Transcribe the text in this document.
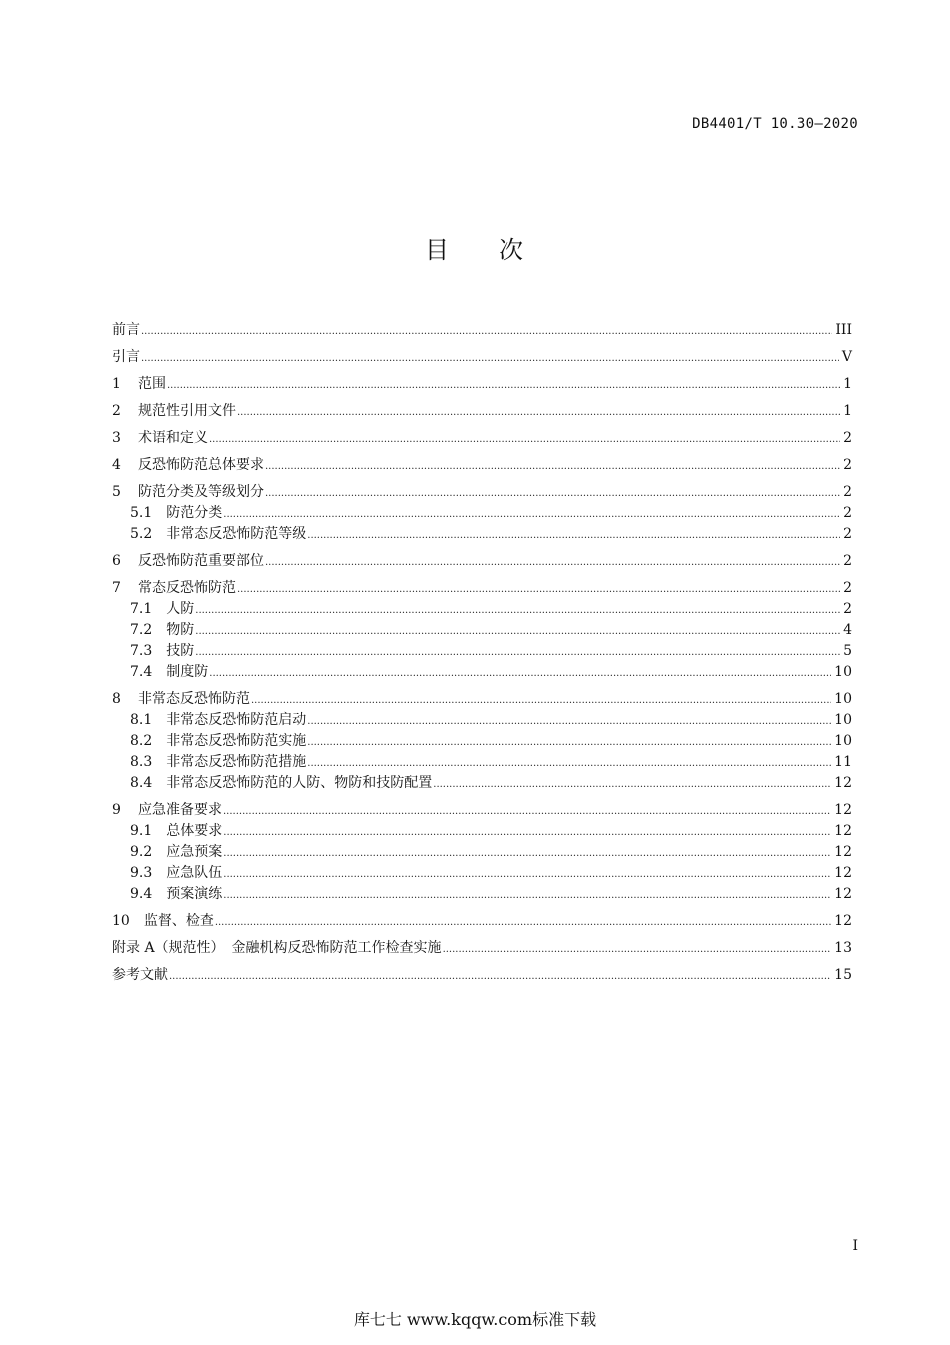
DB4401/T 10.30—2020
目 次
前言 .....	III
引言 .....	V
1	范围 .....	1
2	规范性引用文件 .....	1
3	术语和定义 .....	2
4	反恐怖防范总体要求 .....	2
5	防范分类及等级划分 .....	2
5.1	防范分类 .....	2
5.2	非常态反恐怖防范等级 .....	2
6	反恐怖防范重要部位 .....	2
7	常态反恐怖防范 .....	2
7.1	人防 .....	2
7.2	物防 .....	4
7.3	技防 .....	5
7.4	制度防 .....	10
8	非常态反恐怖防范 .....	10
8.1	非常态反恐怖防范启动 .....	10
8.2	非常态反恐怖防范实施 .....	10
8.3	非常态反恐怖防范措施 .....	11
8.4	非常态反恐怖防范的人防、物防和技防配置 .....	12
9	应急准备要求 .....	12
9.1	总体要求 .....	12
9.2	应急预案 .....	12
9.3	应急队伍 .....	12
9.4	预案演练 .....	12
10	监督、检查 .....	12
附录 A（规范性）　金融机构反恐怖防范工作检查实施 .....	13
参考文献 .....	15
I
库七七 www.kqqw.com标准下载
